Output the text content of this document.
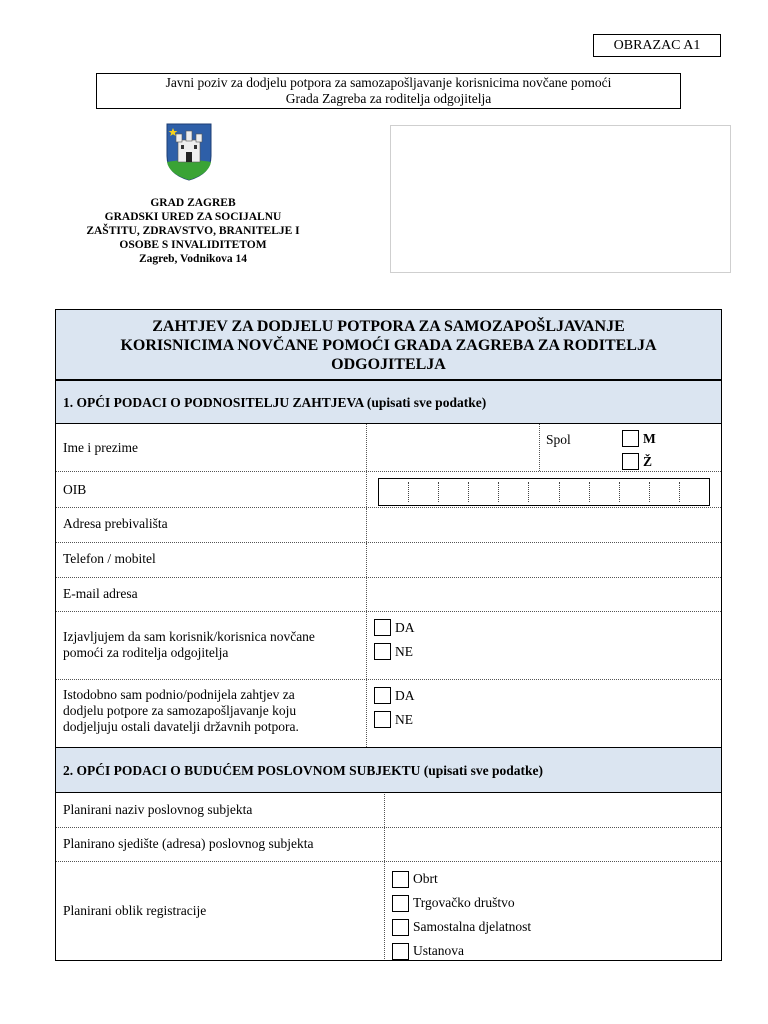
OBRAZAC A1
Javni poziv za dodjelu potpora za samozapošljavanje korisnicima novčane pomoći
Grada Zagreba za roditelja odgojitelja
GRAD ZAGREB
GRADSKI URED ZA SOCIJALNU
ZAŠTITU, ZDRAVSTVO, BRANITELJE I
OSOBE S INVALIDITETOM
Zagreb, Vodnikova 14
ZAHTJEV ZA DODJELU POTPORA ZA SAMOZAPOŠLJAVANJE
KORISNICIMA NOVČANE POMOĆI GRADA ZAGREBA ZA RODITELJA
ODGOJITELJA
1. OPĆI PODACI O PODNOSITELJU ZAHTJEVA (upisati sve podatke)
Ime i prezime
Spol	M
Ž
OIB
Adresa prebivališta
Telefon / mobitel
E-mail adresa
Izjavljujem da sam korisnik/korisnica novčane
pomoći za roditelja odgojitelja
DA
NE
Istodobno sam podnio/podnijela zahtjev za
dodjelu potpore za samozapošljavanje koju
dodjeljuju ostali davatelji državnih potpora.
DA
NE
2. OPĆI PODACI O BUDUĆEM POSLOVNOM SUBJEKTU (upisati sve podatke)
Planirani naziv poslovnog subjekta
Planirano sjedište (adresa) poslovnog subjekta
Planirani oblik registracije
Obrt
Trgovačko društvo
Samostalna djelatnost
Ustanova
